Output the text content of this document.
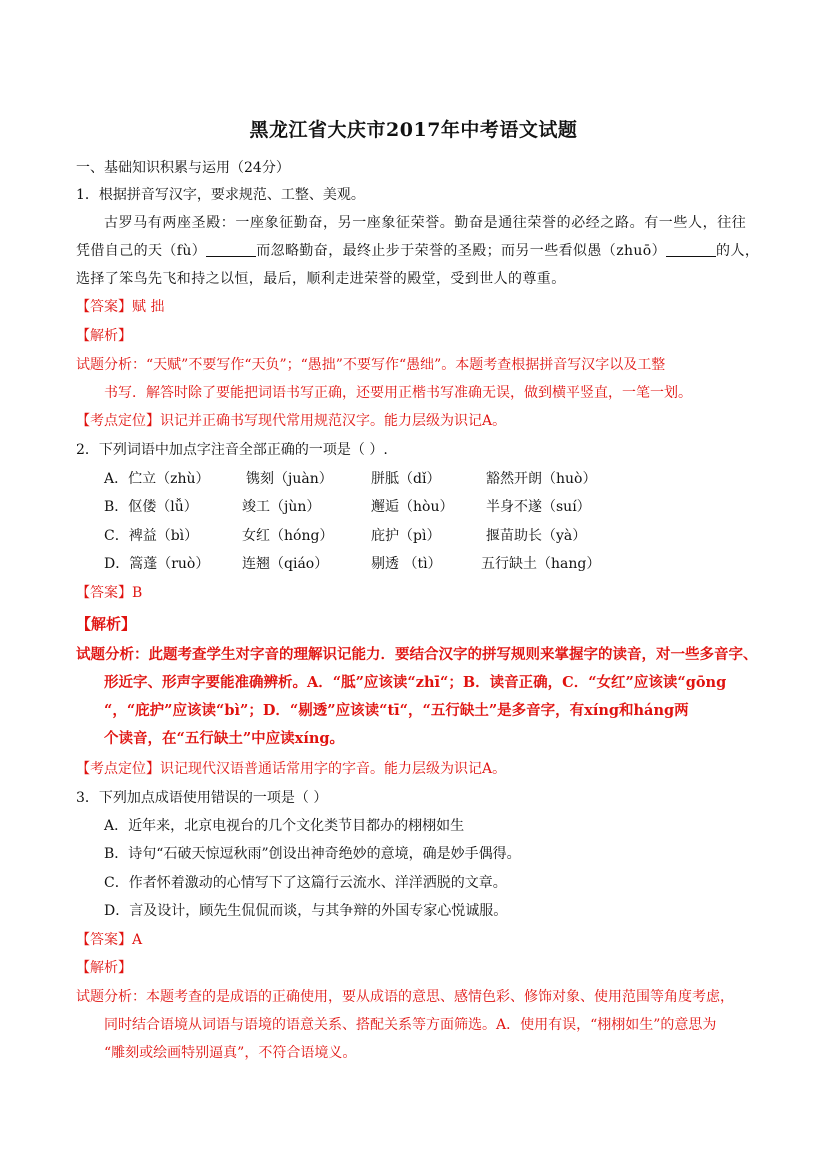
黑龙江省大庆市2017年中考语文试题
一、基础知识积累与运用（24分）
1．根据拼音写汉字，要求规范、工整、美观。
古罗马有两座圣殿：一座象征勤奋，另一座象征荣誉。勤奋是通往荣誉的必经之路。有一些人，往往
凭借自己的天（fù）	而忽略勤奋，最终止步于荣誉的圣殿；而另一些看似愚（zhuō）	的人，
选择了笨鸟先飞和持之以恒，最后，顺利走进荣誉的殿堂，受到世人的尊重。
【答案】赋 拙
【解析】
试题分析：“天赋”不要写作“天负”；“愚拙”不要写作“愚绌”。本题考查根据拼音写汉字以及工整
书写．解答时除了要能把词语书写正确，还要用正楷书写准确无误，做到横平竖直，一笔一划。
【考点定位】识记并正确书写现代常用规范汉字。能力层级为识记A。
2．下列词语中加点字注音全部正确的一项是（ ）.
A．伫立（zhù）	镌刻（juàn）	胼胝（dǐ）	豁然开朗（huò）
B．伛偻（lǚ）	竣工（jùn）	邂逅（hòu） 半身不遂（suí）
C．裨益（bì）	女红（hóng）	庇护（pì）	揠苗助长（yà）
D．篙蓬（ruò） 连翘（qiáo）	剔透 （tì）	五行缺土（hang）
【答案】B
【解析】
试题分析：此题考查学生对字音的理解识记能力．要结合汉字的拼写规则来掌握字的读音，对一些多音字、
形近字、形声字要能准确辨析。A．“胝”应该读“zhī“；B．读音正确，C．“女红”应该读“gōng
“，“庇护”应该读“bì”；D．“剔透”应该读“tī“，“五行缺土”是多音字，有xíng和háng两
个读音，在“五行缺土”中应读xíng。
【考点定位】识记现代汉语普通话常用字的字音。能力层级为识记A。
3．下列加点成语使用错误的一项是（ ）
A．近年来，北京电视台的几个文化类节目都办的栩栩如生
B．诗句“石破天惊逗秋雨”创设出神奇绝妙的意境，确是妙手偶得。
C．作者怀着激动的心情写下了这篇行云流水、洋洋洒脱的文章。
D．言及设计，顾先生侃侃而谈，与其争辩的外国专家心悦诚服。
【答案】A
【解析】
试题分析：本题考查的是成语的正确使用，要从成语的意思、感情色彩、修饰对象、使用范围等角度考虑，
同时结合语境从词语与语境的语意关系、搭配关系等方面筛选。A．使用有误，“栩栩如生”的意思为
“雕刻或绘画特别逼真”，不符合语境义。
